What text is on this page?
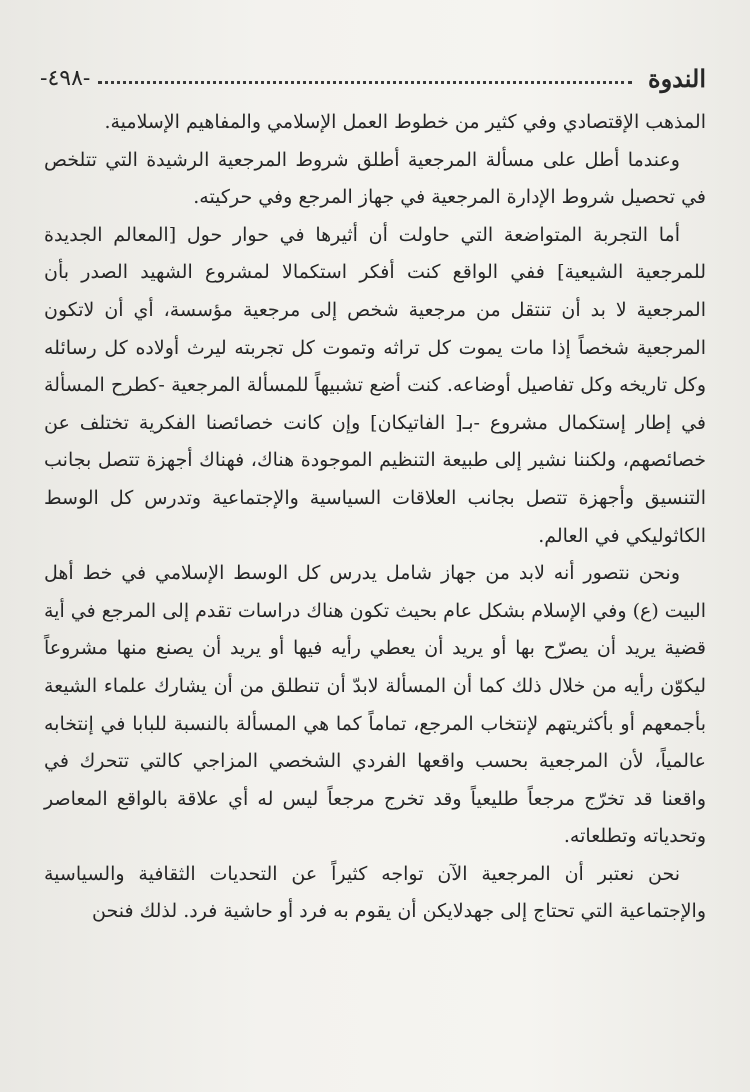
الندوة
-٤٩٨-

المذهب الإقتصادي وفي كثير من خطوط العمل الإسلامي والمفاهيم الإسلامية.

وعندما أطل على مسألة المرجعية أطلق شروط المرجعية الرشيدة التي تتلخص في تحصيل شروط الإدارة المرجعية في جهاز المرجع وفي حركيته.

أما التجربة المتواضعة التي حاولت أن أثيرها في حوار حول [المعالم الجديدة للمرجعية الشيعية] ففي الواقع كنت أفكر استكمالا لمشروع الشهيد الصدر بأن المرجعية لا بد أن تنتقل من مرجعية شخص إلى مرجعية مؤسسة، أي أن لاتكون المرجعية شخصاً إذا مات يموت كل تراثه وتموت كل تجربته ليرث أولاده كل رسائله وكل تاريخه وكل تفاصيل أوضاعه. كنت أضع تشبيهاً للمسألة المرجعية -كطرح المسألة في إطار إستكمال مشروع -بـ[ الفاتيكان] وإن كانت خصائصنا الفكرية تختلف عن خصائصهم، ولكننا نشير إلى طبيعة التنظيم الموجودة هناك، فهناك أجهزة تتصل بجانب التنسيق وأجهزة تتصل بجانب العلاقات السياسية والإجتماعية وتدرس كل الوسط الكاثوليكي في العالم.

ونحن نتصور أنه لابد من جهاز شامل يدرس كل الوسط الإسلامي في خط أهل البيت (ع) وفي الإسلام بشكل عام بحيث تكون هناك دراسات تقدم إلى المرجع في أية قضية يريد أن يصرّح بها أو يريد أن يعطي رأيه فيها أو يريد أن يصنع منها مشروعاً ليكوّن رأيه من خلال ذلك كما أن المسألة لابدّ أن تنطلق من أن يشارك علماء الشيعة بأجمعهم أو بأكثريتهم لإنتخاب المرجع، تماماً كما هي المسألة بالنسبة للبابا في إنتخابه عالمياً، لأن المرجعية بحسب واقعها الفردي الشخصي المزاجي كالتي تتحرك في واقعنا قد تخرّج مرجعاً طليعياً وقد تخرج مرجعاً ليس له أي علاقة بالواقع المعاصر وتحدياته وتطلعاته.

نحن نعتبر أن المرجعية الآن تواجه كثيراً عن التحديات الثقافية والسياسية والإجتماعية التي تحتاج إلى جهدلايكن أن يقوم به فرد أو حاشية فرد. لذلك فنحن
